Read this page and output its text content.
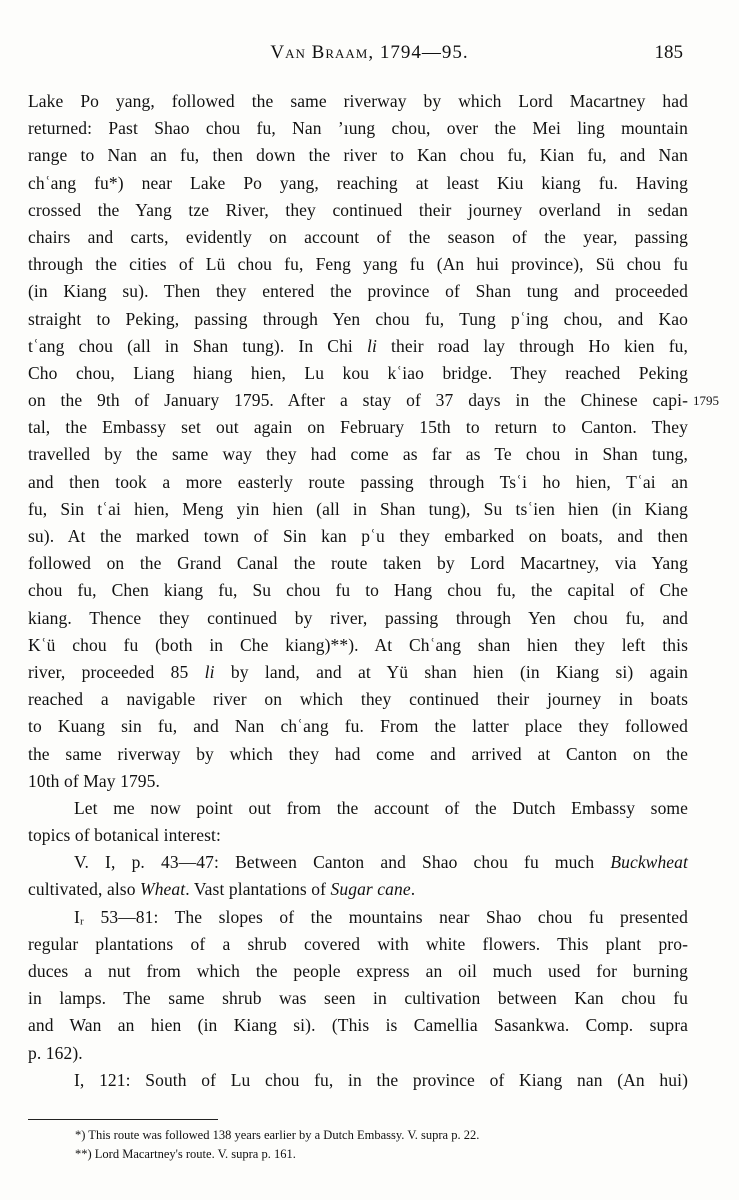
Van Braam, 1794—95.	185
Lake Po yang, followed the same riverway by which Lord Macartney had
returned: Past Shao chou fu, Nan ’ıung chou, over the Mei ling mountain
range to Nan an fu, then down the river to Kan chou fu, Kian fu, and Nan
chʿang fu*) near Lake Po yang, reaching at least Kiu kiang fu. Having
crossed the Yang tze River, they continued their journey overland in sedan
chairs and carts, evidently on account of the season of the year, passing
through the cities of Lü chou fu, Feng yang fu (An hui province), Sü chou fu
(in Kiang su). Then they entered the province of Shan tung and proceeded
straight to Peking, passing through Yen chou fu, Tung pʿing chou, and Kao
tʿang chou (all in Shan tung). In Chi li their road lay through Ho kien fu,
Cho chou, Liang hiang hien, Lu kou kʿiao bridge. They reached Peking
on the 9th of January 1795. After a stay of 37 days in the Chinese capi-
tal, the Embassy set out again on February 15th to return to Canton. They
travelled by the same way they had come as far as Te chou in Shan tung,
and then took a more easterly route passing through Tsʿi ho hien, Tʿai an
fu, Sin tʿai hien, Meng yin hien (all in Shan tung), Su tsʿien hien (in Kiang
su). At the marked town of Sin kan pʿu they embarked on boats, and then
followed on the Grand Canal the route taken by Lord Macartney, via Yang
chou fu, Chen kiang fu, Su chou fu to Hang chou fu, the capital of Che
kiang. Thence they continued by river, passing through Yen chou fu, and
Kʿü chou fu (both in Che kiang)**). At Chʿang shan hien they left this
river, proceeded 85 li by land, and at Yü shan hien (in Kiang si) again
reached a navigable river on which they continued their journey in boats
to Kuang sin fu, and Nan chʿang fu. From the latter place they followed
the same riverway by which they had come and arrived at Canton on the
10th of May 1795.
Let me now point out from the account of the Dutch Embassy some
topics of botanical interest:
V. I, p. 43—47: Between Canton and Shao chou fu much Buckwheat
cultivated, also Wheat. Vast plantations of Sugar cane.
Iᵣ 53—81: The slopes of the mountains near Shao chou fu presented
regular plantations of a shrub covered with white flowers. This plant pro-
duces a nut from which the people express an oil much used for burning
in lamps. The same shrub was seen in cultivation between Kan chou fu
and Wan an hien (in Kiang si). (This is Camellia Sasankwa. Comp. supra
p. 162).
I, 121: South of Lu chou fu, in the province of Kiang nan (An hui)
1795
*) This route was followed 138 years earlier by a Dutch Embassy. V. supra p. 22.
**) Lord Macartney's route. V. supra p. 161.
